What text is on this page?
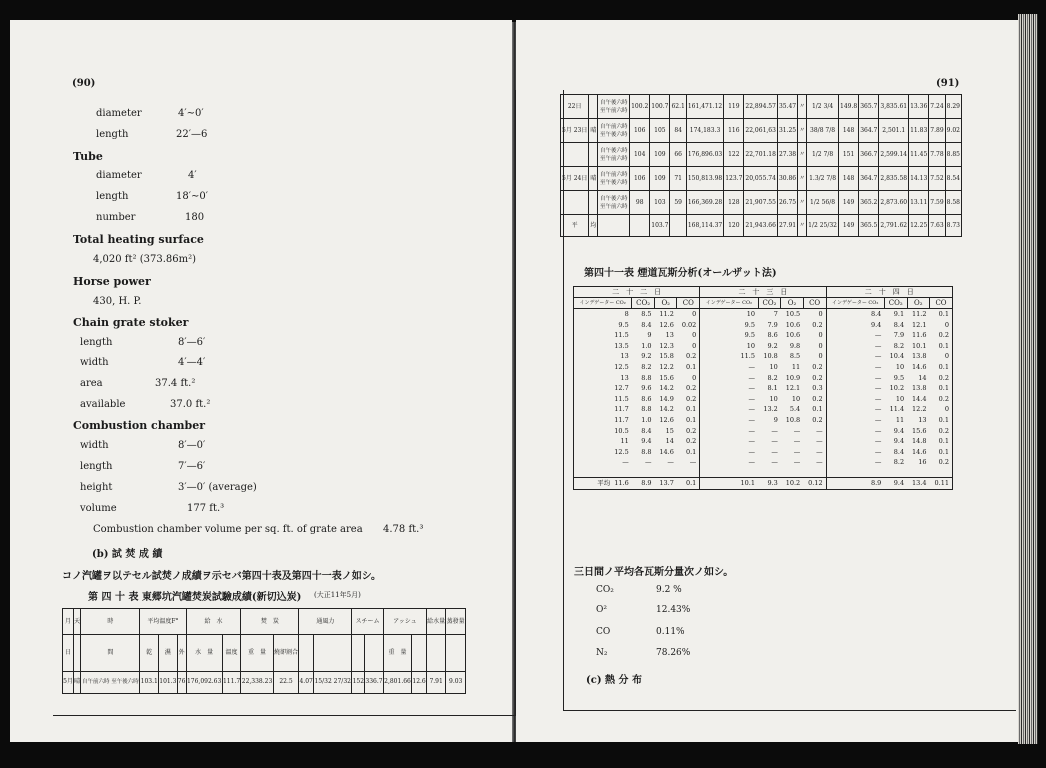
(90)
diameter	4′∼0′
length	22′—6
Tube
diameter	4′
length	18′∼0′
number	180
Total heating surface
4,020 ft² (373.86m²)
Horse power
430, H. P.
Chain grate stoker
length	8′—6′
width	4′—4′
area	37.4 ft.²
available	37.0 ft.²
Combustion chamber
width	8′—0′
length	7′—6′
height	3′—0′ (average)
volume	177 ft.³
Combustion chamber volume per sq. ft. of grate area 4.78 ft.³
(b) 試 焚 成 績
コノ汽罐ヲ以テセル試焚ノ成績ヲ示セバ第四十表及第四十一表ノ如シ。
第 四 十 表 東郷坑汽罐焚炭試驗成績(新切込炭) (大正11年5月)
月	天	時	平均溫度F°			給　水		焚　炭		通風力		スチーム		アッシュ		給水量	蒸發量
日		間	乾	濕	外	水　量	溫度	重　量	燒卻割合					重　量			
5月	晴	自午前六時 至午後六時	103.1	101.3	76	176,092.63	111.7	22,338.23	22.5	4.07	15/32 27/32	152	336.7	2,801.66	12.6	7.91	9.03
(91)
22日		自午後六時 至午前六時	100.2	100.7	62.1	161,471.12	119	22,894.57	35.47	〃	1/2 3/4	149.8	365.7	3,835.61	13.36	7.24	8.29
5月 23日	晴	自午前六時 至午後六時	106	105	84	174,183.3	116	22,061,63	31.25	〃	38/8 7/8	148	364.7	2,501.1	11.83	7.89	9.02
		自午後六時 至午前六時	104	109	66	176,896.03	122	22,701.18	27.38	〃	1/2 7/8	151	366.7	2,599.14	11.45	7.78	8.85
5月 24日	晴	自午前六時 至午後六時	106	109	71	150,813.98	123.7	20,055.74	30.86	〃	1.3/2 7/8	148	364.7	2,835.58	14.13	7.52	8.54
		自午後六時 至午前六時	98	103	59	166,369.28	128	21,907.55	26.75	〃	1/2 56/8	149	365.2	2,873.60	13.11	7.59	8.58
平	均			103.7		168,114.37	120	21,943.66	27.91	〃	1/2 25/32	149	365.5	2,791.62	12.25	7.63	8.73
第四十一表 煙道瓦斯分析(オールザット法)
二　十　二　日				二　十　三　日				二　十　四　日			
インデゲーター CO₂	CO₂	O₂	CO	インデゲーター CO₂	CO₂	O₂	CO	インデゲーター CO₂	CO₂	O₂	CO
8	8.5	11.2	0	10	7	10.5	0	8.4	9.1	11.2	0.1
9.5	8.4	12.6	0.02	9.5	7.9	10.6	0.2	9.4	8.4	12.1	0
11.5	9	13	0	9.5	8.6	10.6	0	—	7.9	11.6	0.2
13.5	1.0	12.3	0	10	9.2	9.8	0	—	8.2	10.1	0.1
13	9.2	15.8	0.2	11.5	10.8	8.5	0	—	10.4	13.8	0
12.5	8.2	12.2	0.1	—	10	11	0.2	—	10	14.6	0.1
13	8.8	15.6	0	—	8.2	10.9	0.2	—	9.5	14	0.2
12.7	9.6	14.2	0.2	—	8.1	12.1	0.3	—	10.2	13.8	0.1
11.5	8.6	14.9	0.2	—	10	10	0.2	—	10	14.4	0.2
11.7	8.8	14.2	0.1	—	13.2	5.4	0.1	—	11.4	12.2	0
11.7	1.0	12.6	0.1	—	9	10.8	0.2	—	11	13	0.1
10.5	8.4	15	0.2	—	—	—	—	—	9.4	15.6	0.2
11	9.4	14	0.2	—	—	—	—	—	9.4	14.8	0.1
12.5	8.8	14.6	0.1	—	—	—	—	—	8.4	14.6	0.1
—	—	—	—	—	—	—	—	—	8.2	16	0.2

平均 11.6	8.9	13.7	0.1	10.1	9.3	10.2	0.12	8.9	9.4	13.4	0.11
三日間ノ平均各瓦斯分量次ノ如シ。
(c) 熱 分 布
CO₂	9.2 %
O²	12.43%
CO	0.11%
N₂	78.26%
